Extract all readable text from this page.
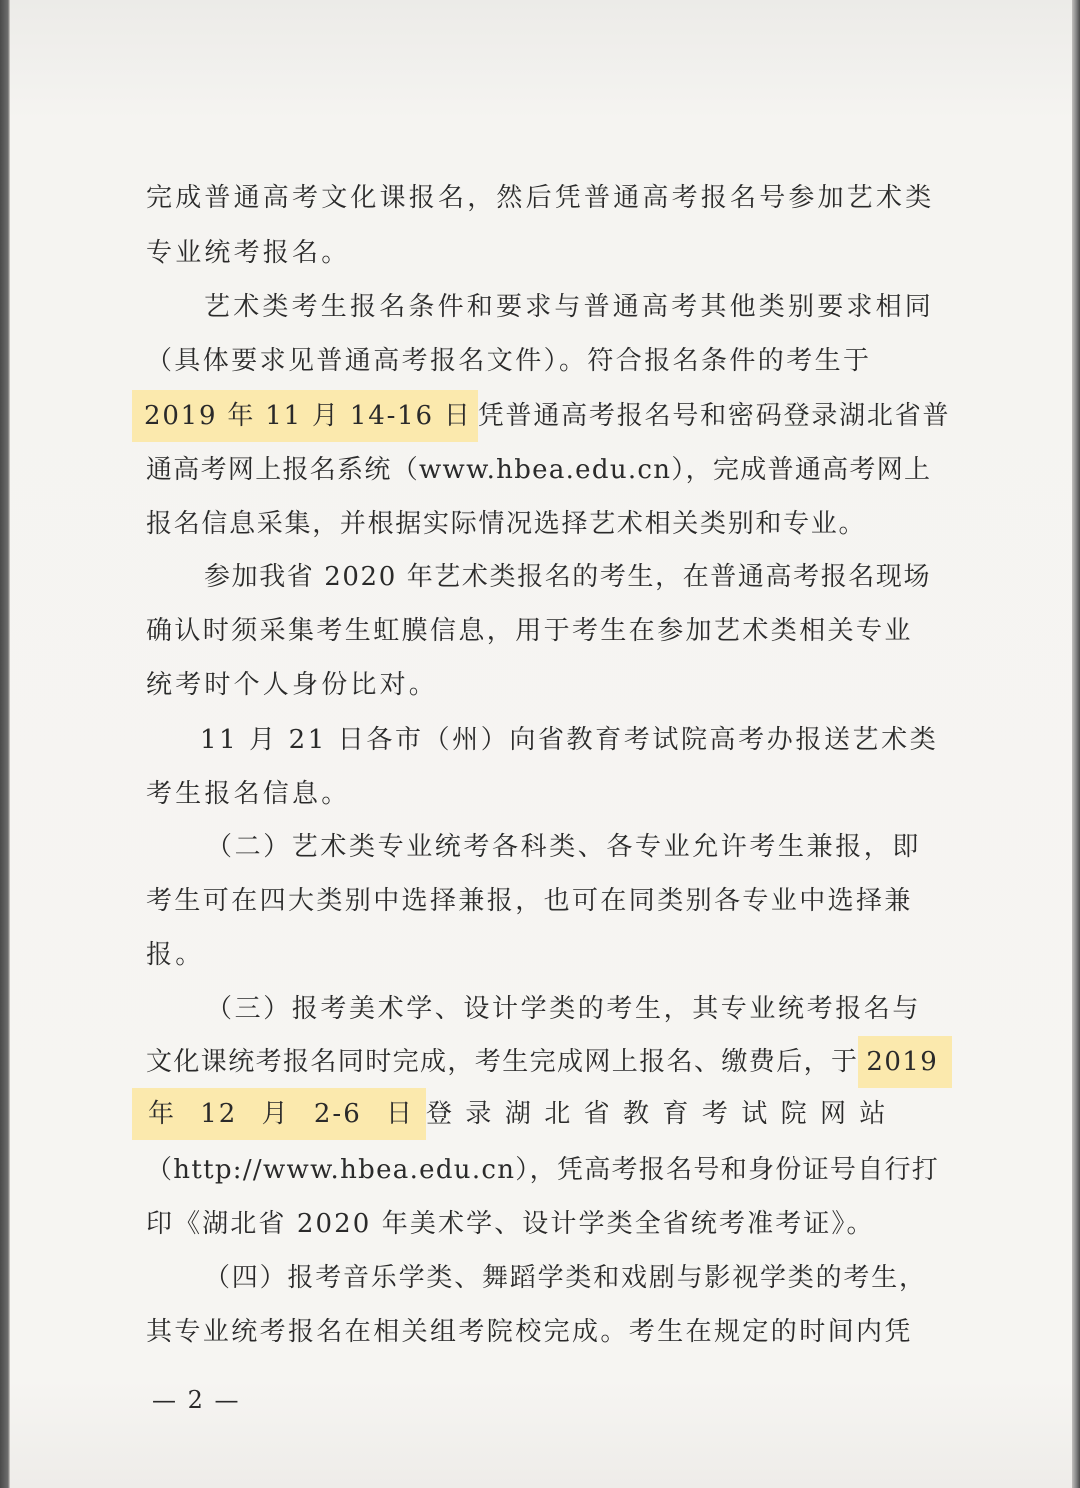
完成普通高考文化课报名，然后凭普通高考报名号参加艺术类
专业统考报名。
艺术类考生报名条件和要求与普通高考其他类别要求相同
（具体要求见普通高考报名文件）。符合报名条件的考生于
2019 年 11 月 14-16 日 凭普通高考报名号和密码登录湖北省普
通高考网上报名系统（www.hbea.edu.cn），完成普通高考网上
报名信息采集，并根据实际情况选择艺术相关类别和专业。
参加我省 2020 年艺术类报名的考生，在普通高考报名现场
确认时须采集考生虹膜信息，用于考生在参加艺术类相关专业
统考时个人身份比对。
11 月 21 日各市（州）向省教育考试院高考办报送艺术类
考生报名信息。
（二）艺术类专业统考各科类、各专业允许考生兼报，即
考生可在四大类别中选择兼报，也可在同类别各专业中选择兼
报。
（三）报考美术学、设计学类的考生，其专业统考报名与
文化课统考报名同时完成，考生完成网上报名、缴费后，于 2019
年 12 月 2-6 日 登录湖北省教育考试院网站
（http://www.hbea.edu.cn），凭高考报名号和身份证号自行打
印《湖北省 2020 年美术学、设计学类全省统考准考证》。
（四）报考音乐学类、舞蹈学类和戏剧与影视学类的考生，
其专业统考报名在相关组考院校完成。考生在规定的时间内凭
— 2 —
